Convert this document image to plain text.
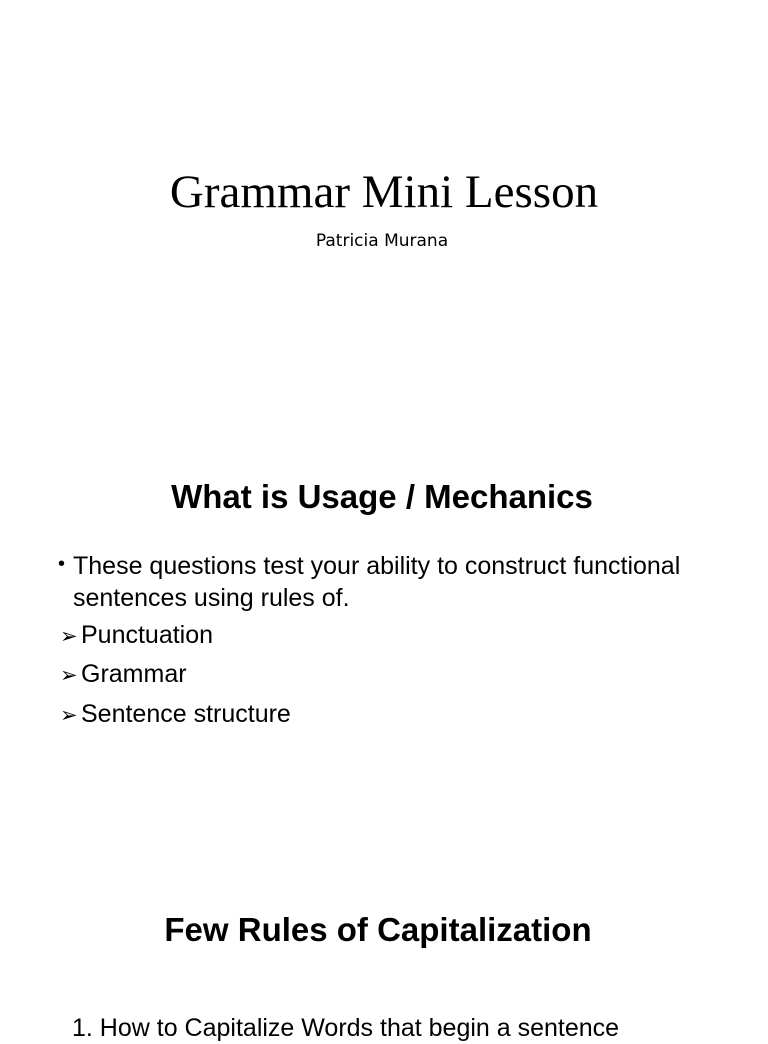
Grammar Mini Lesson

Patricia Murana

What is Usage / Mechanics
• These questions test your ability to construct functional sentences using rules of.
➢ Punctuation
➢ Grammar
➢ Sentence structure
Few Rules of Capitalization
1. How to Capitalize Words that begin a sentence
